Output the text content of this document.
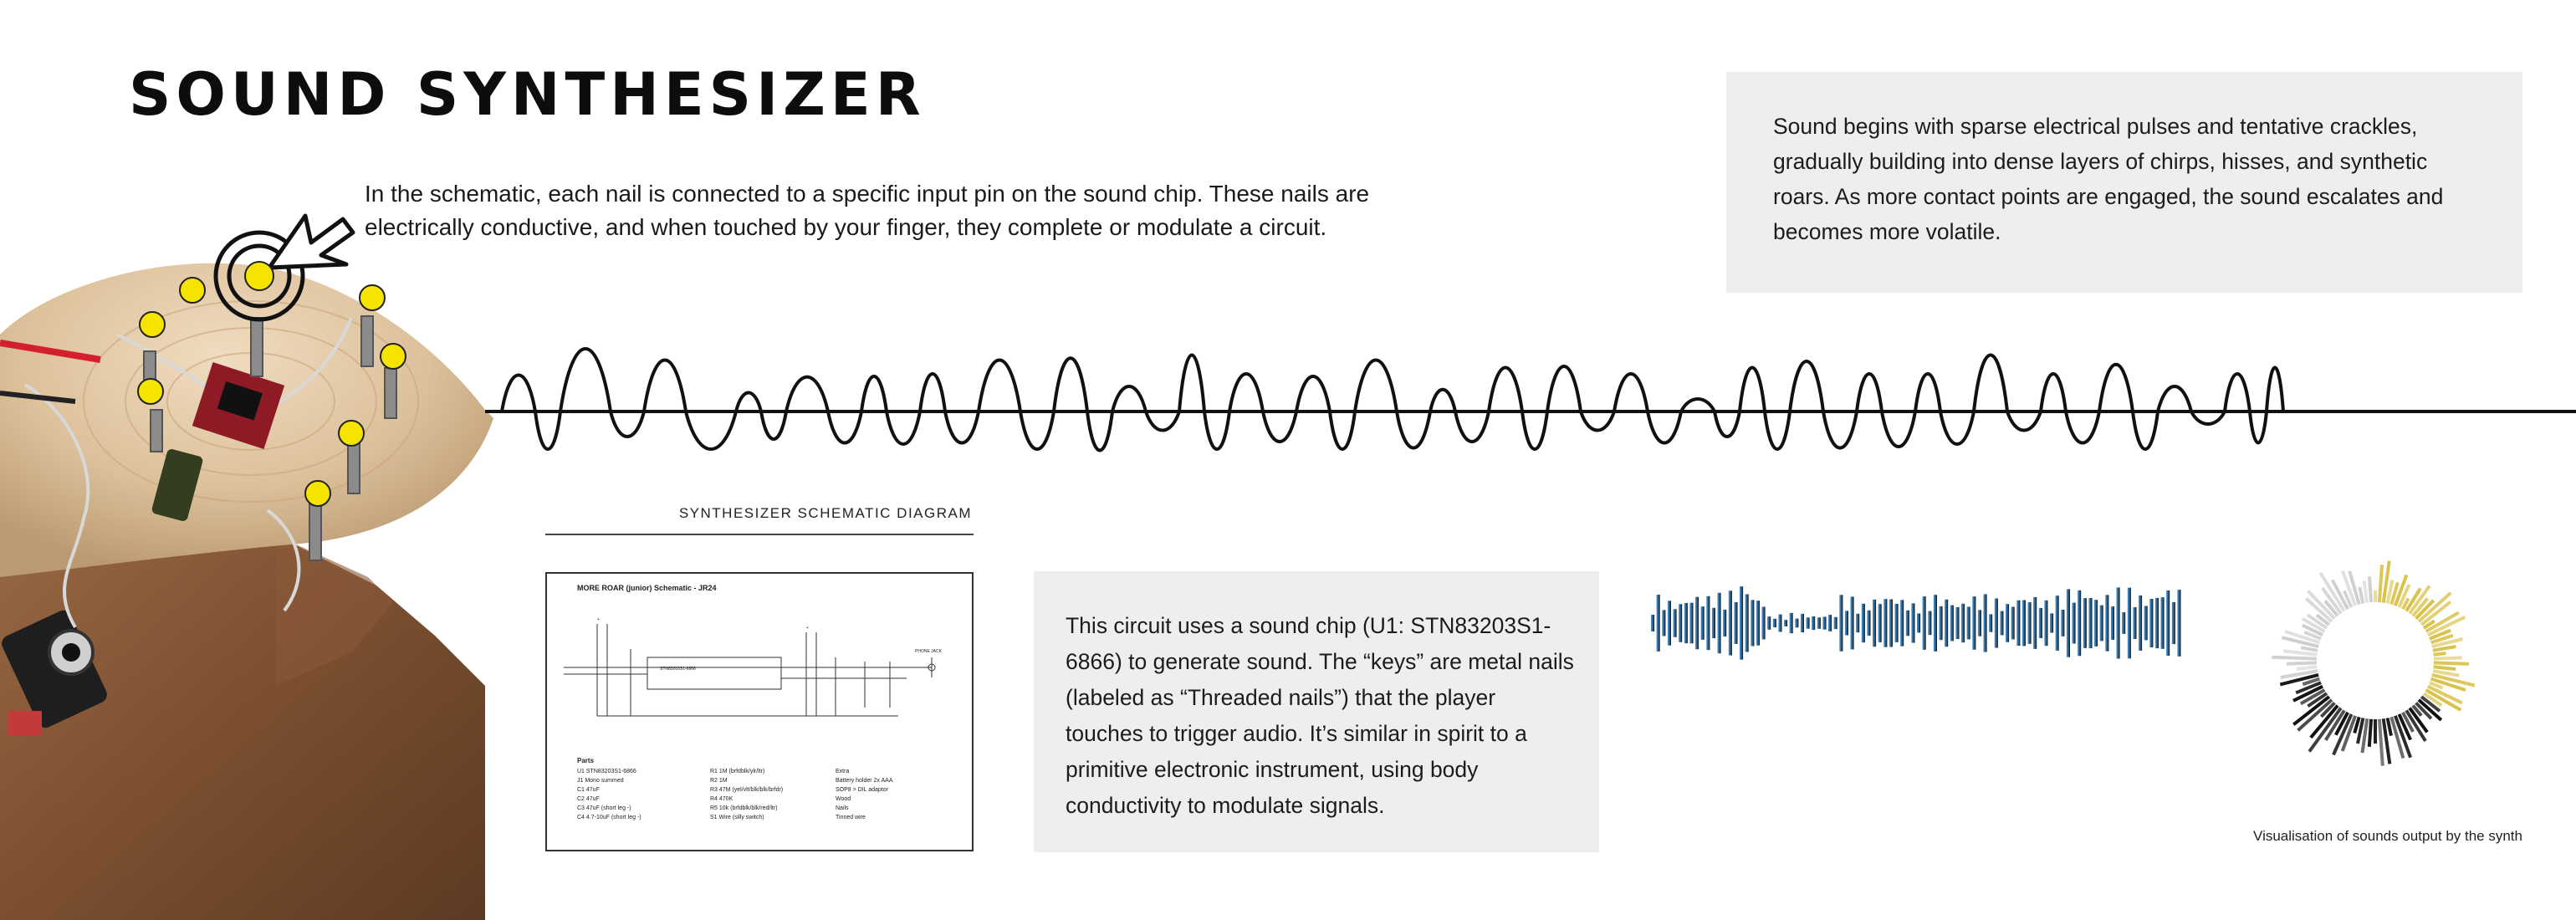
SOUND SYNTHESIZER
In the schematic, each nail is connected to a specific input pin on the sound chip. These nails are electrically conductive, and when touched by your finger, they complete or modulate a circuit.
Sound begins with sparse electrical pulses and tentative crackles, gradually building into dense layers of chirps, hisses, and synthetic roars. As more contact points are engaged, the sound escalates and becomes more volatile.
SYNTHESIZER SCHEMATIC DIAGRAM
MORE ROAR (junior) Schematic - JR24
STN83203S1-6866
+
+
PHONE JACK
Parts
U1 STN83203S1-6866
J1 Mono summed
C1 47uF
C2 47uF
C3 47uF (short leg -)
C4 4.7-10uF (short leg -)
R1 1M (brfdblk/ylr/ltr)
R2 1M
R3 47M (yel/vlt/blk/blk/brfdr)
R4 470K
R5 10k (brfdblk/blk/red/ltr)
S1 Wire (silly switch)
Extra
Battery holder 2x AAA
SOP8 > DIL adaptor
Wood
Nails
Tinned wire
This circuit uses a sound chip (U1: STN83203S1-6866) to generate sound. The “keys” are metal nails (labeled as “Threaded nails”) that the player touches to trigger audio. It’s similar in spirit to a primitive electronic instrument, using body conductivity to modulate signals.
Visualisation of sounds output by the synth
